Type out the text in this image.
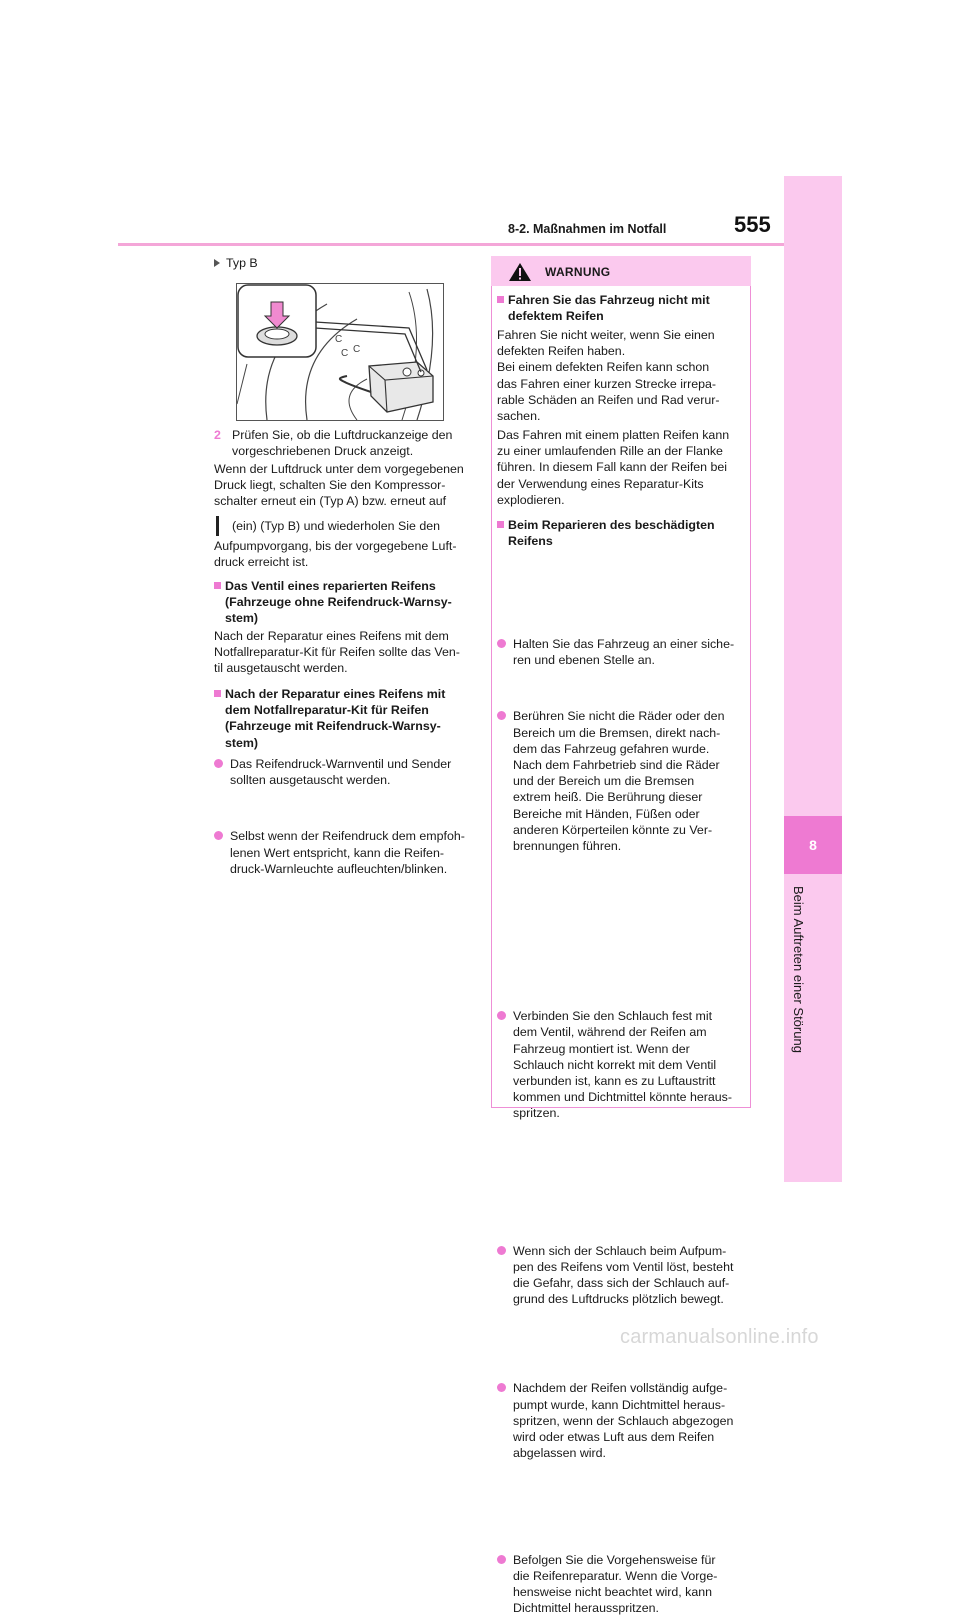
8-2. Maßnahmen im Notfall	555
8
Beim Auftreten einer Störung
Typ B
C
C C
2 Prüfen Sie, ob die Luftdruckanzeige den
vorgeschriebenen Druck anzeigt.
Wenn der Luftdruck unter dem vorgegebenen
Druck liegt, schalten Sie den Kompressor-
schalter erneut ein (Typ A) bzw. erneut auf
(ein) (Typ B) und wiederholen Sie den
Aufpumpvorgang, bis der vorgegebene Luft-
druck erreicht ist.
Das Ventil eines reparierten Reifens
(Fahrzeuge ohne Reifendruck-Warnsy-
stem)
Nach der Reparatur eines Reifens mit dem
Notfallreparatur-Kit für Reifen sollte das Ven-
til ausgetauscht werden.
Nach der Reparatur eines Reifens mit
dem Notfallreparatur-Kit für Reifen
(Fahrzeuge mit Reifendruck-Warnsy-
stem)
Das Reifendruck-Warnventil und Sender
sollten ausgetauscht werden.
Selbst wenn der Reifendruck dem empfoh-
lenen Wert entspricht, kann die Reifen-
druck-Warnleuchte aufleuchten/blinken.
WARNUNG
Fahren Sie das Fahrzeug nicht mit
defektem Reifen
Fahren Sie nicht weiter, wenn Sie einen
defekten Reifen haben.
Bei einem defekten Reifen kann schon
das Fahren einer kurzen Strecke irrepa-
rable Schäden an Reifen und Rad verur-
sachen.
Das Fahren mit einem platten Reifen kann
zu einer umlaufenden Rille an der Flanke
führen. In diesem Fall kann der Reifen bei
der Verwendung eines Reparatur-Kits
explodieren.
Beim Reparieren des beschädigten
Reifens
Halten Sie das Fahrzeug an einer siche-
ren und ebenen Stelle an.
Berühren Sie nicht die Räder oder den
Bereich um die Bremsen, direkt nach-
dem das Fahrzeug gefahren wurde.
Nach dem Fahrbetrieb sind die Räder
und der Bereich um die Bremsen
extrem heiß. Die Berührung dieser
Bereiche mit Händen, Füßen oder
anderen Körperteilen könnte zu Ver-
brennungen führen.
Verbinden Sie den Schlauch fest mit
dem Ventil, während der Reifen am
Fahrzeug montiert ist. Wenn der
Schlauch nicht korrekt mit dem Ventil
verbunden ist, kann es zu Luftaustritt
kommen und Dichtmittel könnte heraus-
spritzen.
Wenn sich der Schlauch beim Aufpum-
pen des Reifens vom Ventil löst, besteht
die Gefahr, dass sich der Schlauch auf-
grund des Luftdrucks plötzlich bewegt.
Nachdem der Reifen vollständig aufge-
pumpt wurde, kann Dichtmittel heraus-
spritzen, wenn der Schlauch abgezogen
wird oder etwas Luft aus dem Reifen
abgelassen wird.
Befolgen Sie die Vorgehensweise für
die Reifenreparatur. Wenn die Vorge-
hensweise nicht beachtet wird, kann
Dichtmittel herausspritzen.
carmanualsonline.info
